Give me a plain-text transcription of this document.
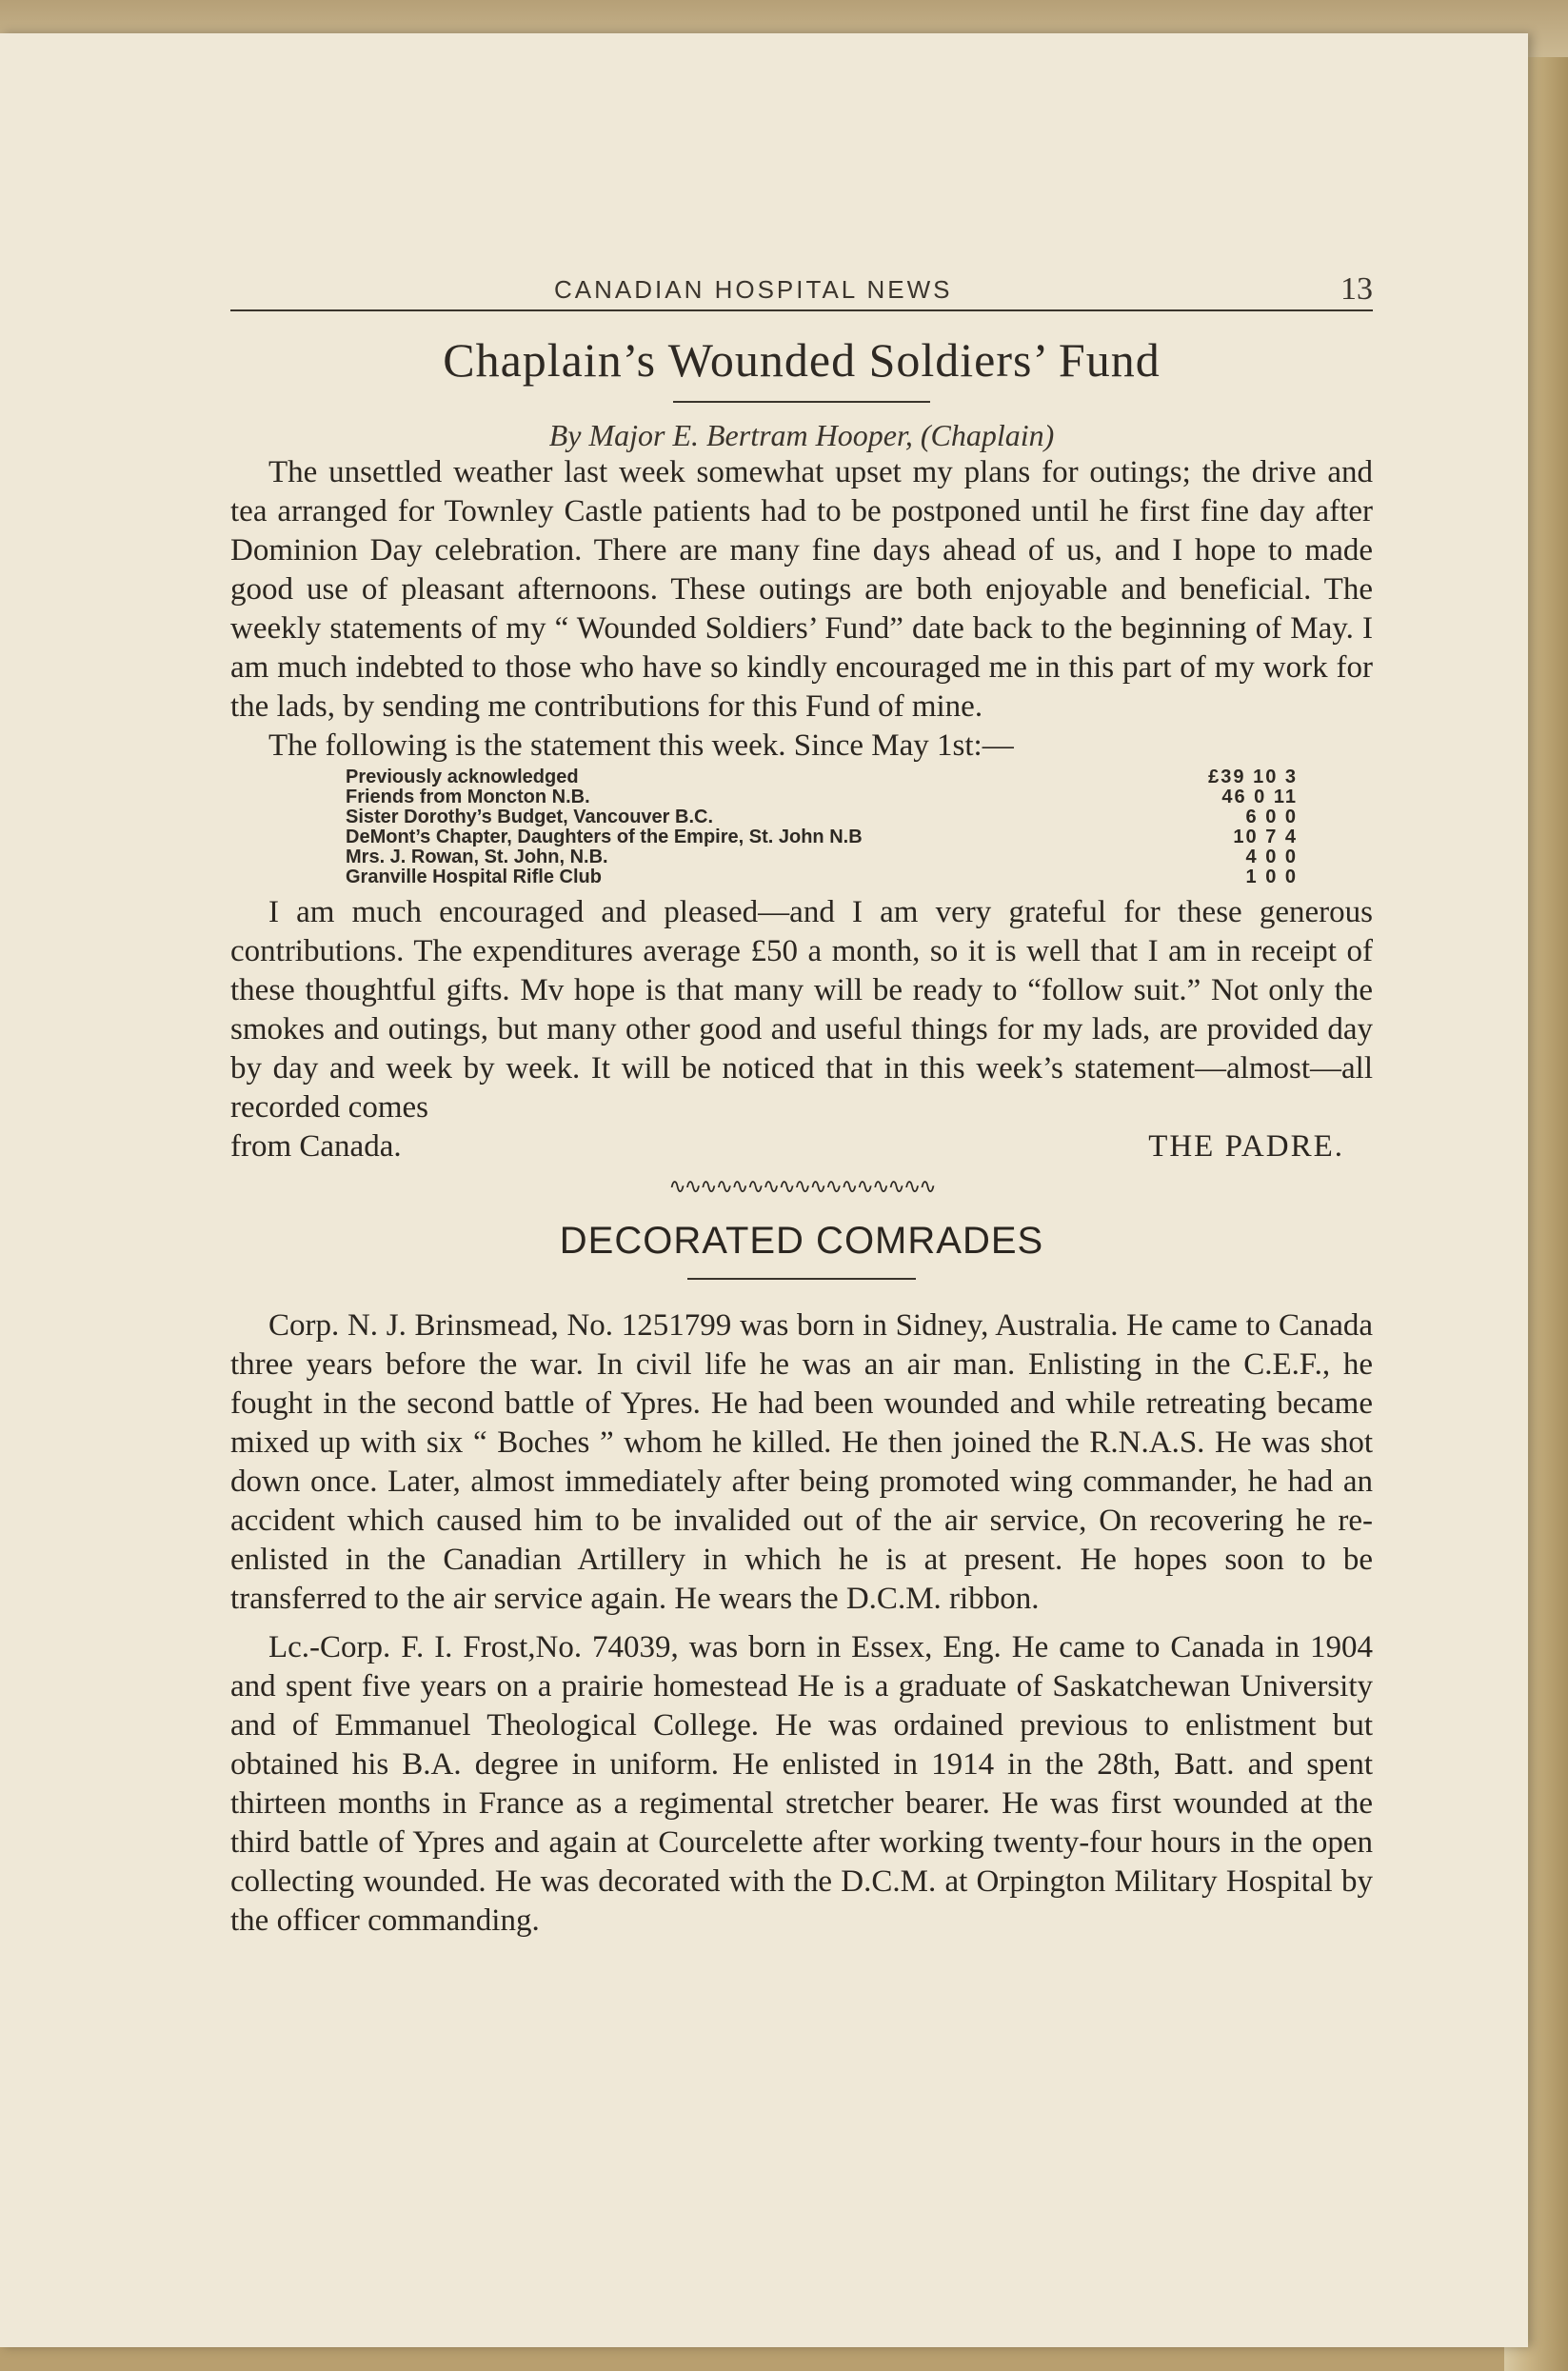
CANADIAN HOSPITAL NEWS	13
Chaplain’s Wounded Soldiers’ Fund
By Major E. Bertram Hooper, (Chaplain)

The unsettled weather last week somewhat upset my plans for outings; the drive and tea arranged for Townley Castle patients had to be postponed until he first fine day after Dominion Day celebration. There are many fine days ahead of us, and I hope to made good use of pleasant afternoons. These outings are both enjoyable and beneficial. The weekly statements of my “ Wounded Soldiers’ Fund” date back to the beginning of May. I am much indebted to those who have so kindly encouraged me in this part of my work for the lads, by sending me contributions for this Fund of mine.

The following is the statement this week. Since May 1st:—

Previously acknowledged	£39 10 3
Friends from Moncton N.B.	46 0 11
Sister Dorothy’s Budget, Vancouver B.C.	6 0 0
DeMont’s Chapter, Daughters of the Empire, St. John N.B	10 7 4
Mrs. J. Rowan, St. John, N.B.	4 0 0
Granville Hospital Rifle Club	1 0 0

I am much encouraged and pleased—and I am very grateful for these generous contributions. The expenditures average £50 a month, so it is well that I am in receipt of these thoughtful gifts. Mv hope is that many will be ready to “follow suit.” Not only the smokes and outings, but many other good and useful things for my lads, are provided day by day and week by week. It will be noticed that in this week’s statement—almost—all recorded comes

from Canada.	THE PADRE.
∿∿∿∿∿∿∿∿∿∿∿∿∿∿∿∿∿
DECORATED COMRADES

Corp. N. J. Brinsmead, No. 1251799 was born in Sidney, Australia. He came to Canada three years before the war. In civil life he was an air man. Enlisting in the C.E.F., he fought in the second battle of Ypres. He had been wounded and while retreating became mixed up with six “ Boches ” whom he killed. He then joined the R.N.A.S. He was shot down once. Later, almost immediately after being promoted wing commander, he had an accident which caused him to be invalided out of the air service, On recovering he re-enlisted in the Canadian Artillery in which he is at present. He hopes soon to be transferred to the air service again. He wears the D.C.M. ribbon.

Lc.-Corp. F. I. Frost,No. 74039, was born in Essex, Eng. He came to Canada in 1904 and spent five years on a prairie homestead He is a graduate of Saskatchewan University and of Emmanuel Theological College. He was ordained previous to enlistment but obtained his B.A. degree in uniform. He enlisted in 1914 in the 28th, Batt. and spent thirteen months in France as a regimental stretcher bearer. He was first wounded at the third battle of Ypres and again at Courcelette after working twenty-four hours in the open collecting wounded. He was decorated with the D.C.M. at Orpington Military Hospital by the officer commanding.
